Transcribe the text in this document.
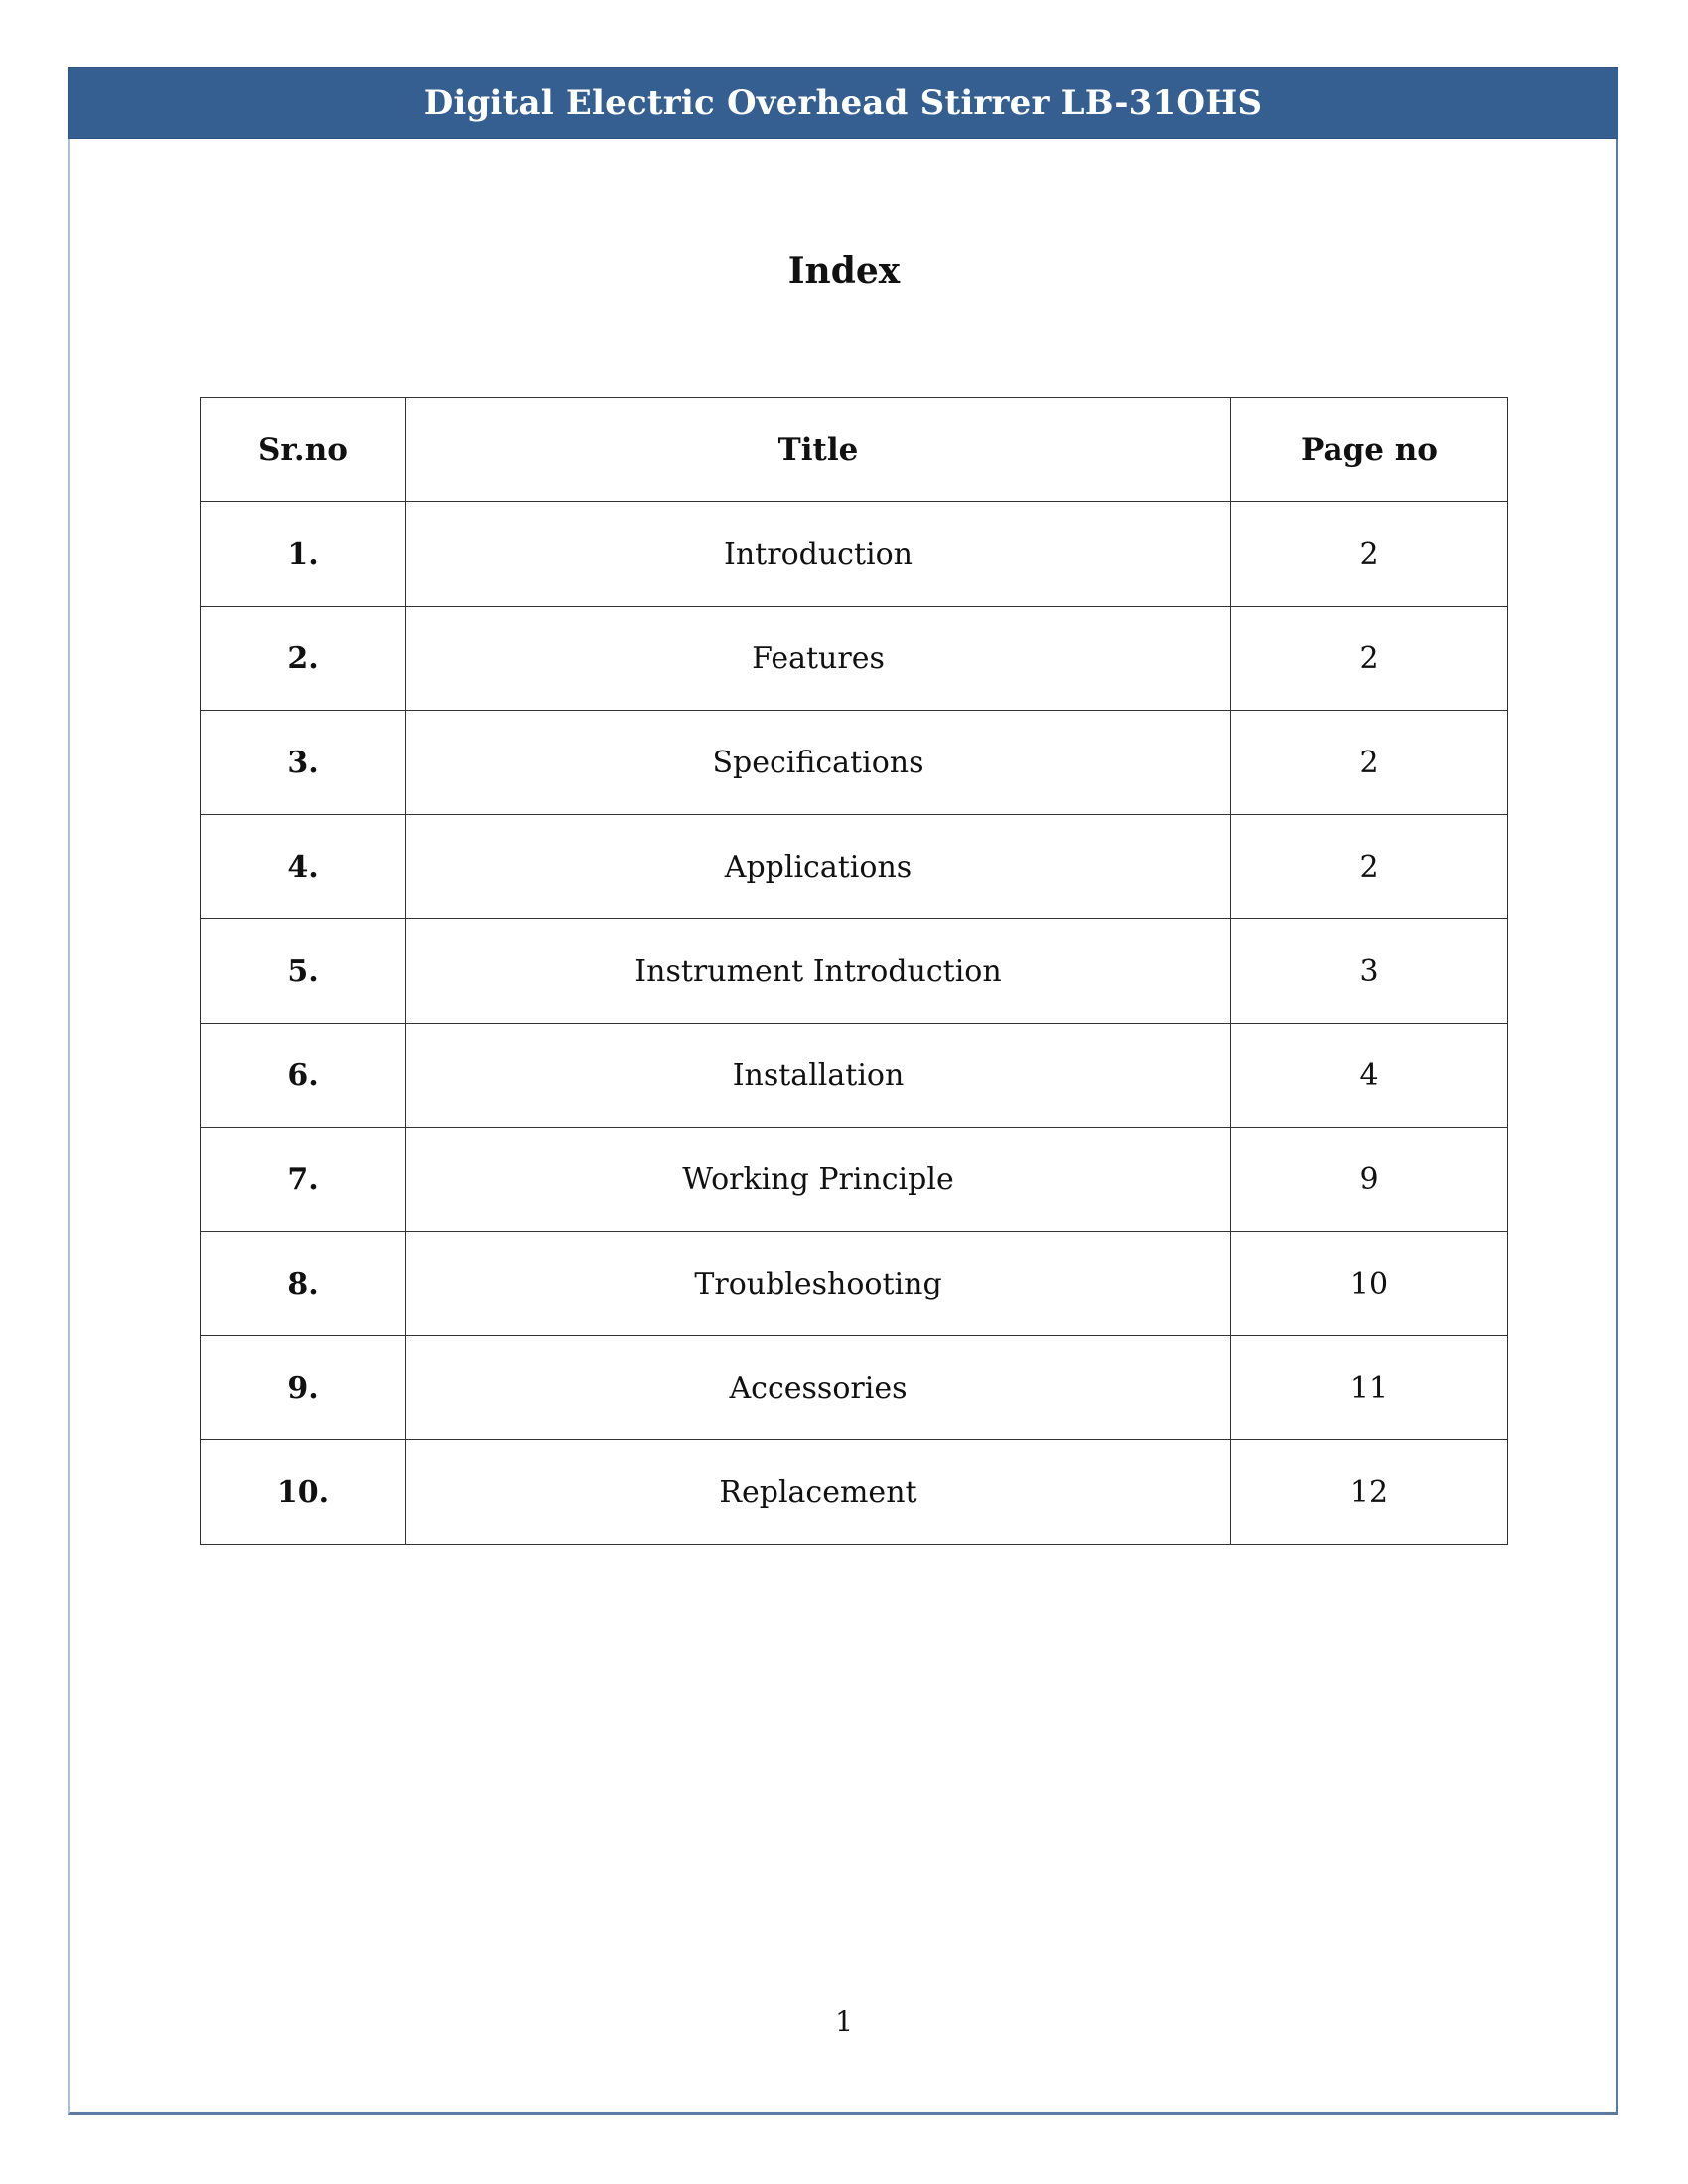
Digital Electric Overhead Stirrer LB-31OHS
Index
Sr.no	Title	Page no
1.	Introduction	2
2.	Features	2
3.	Specifications	2
4.	Applications	2
5.	Instrument Introduction	3
6.	Installation	4
7.	Working Principle	9
8.	Troubleshooting	10
9.	Accessories	11
10.	Replacement	12
1
